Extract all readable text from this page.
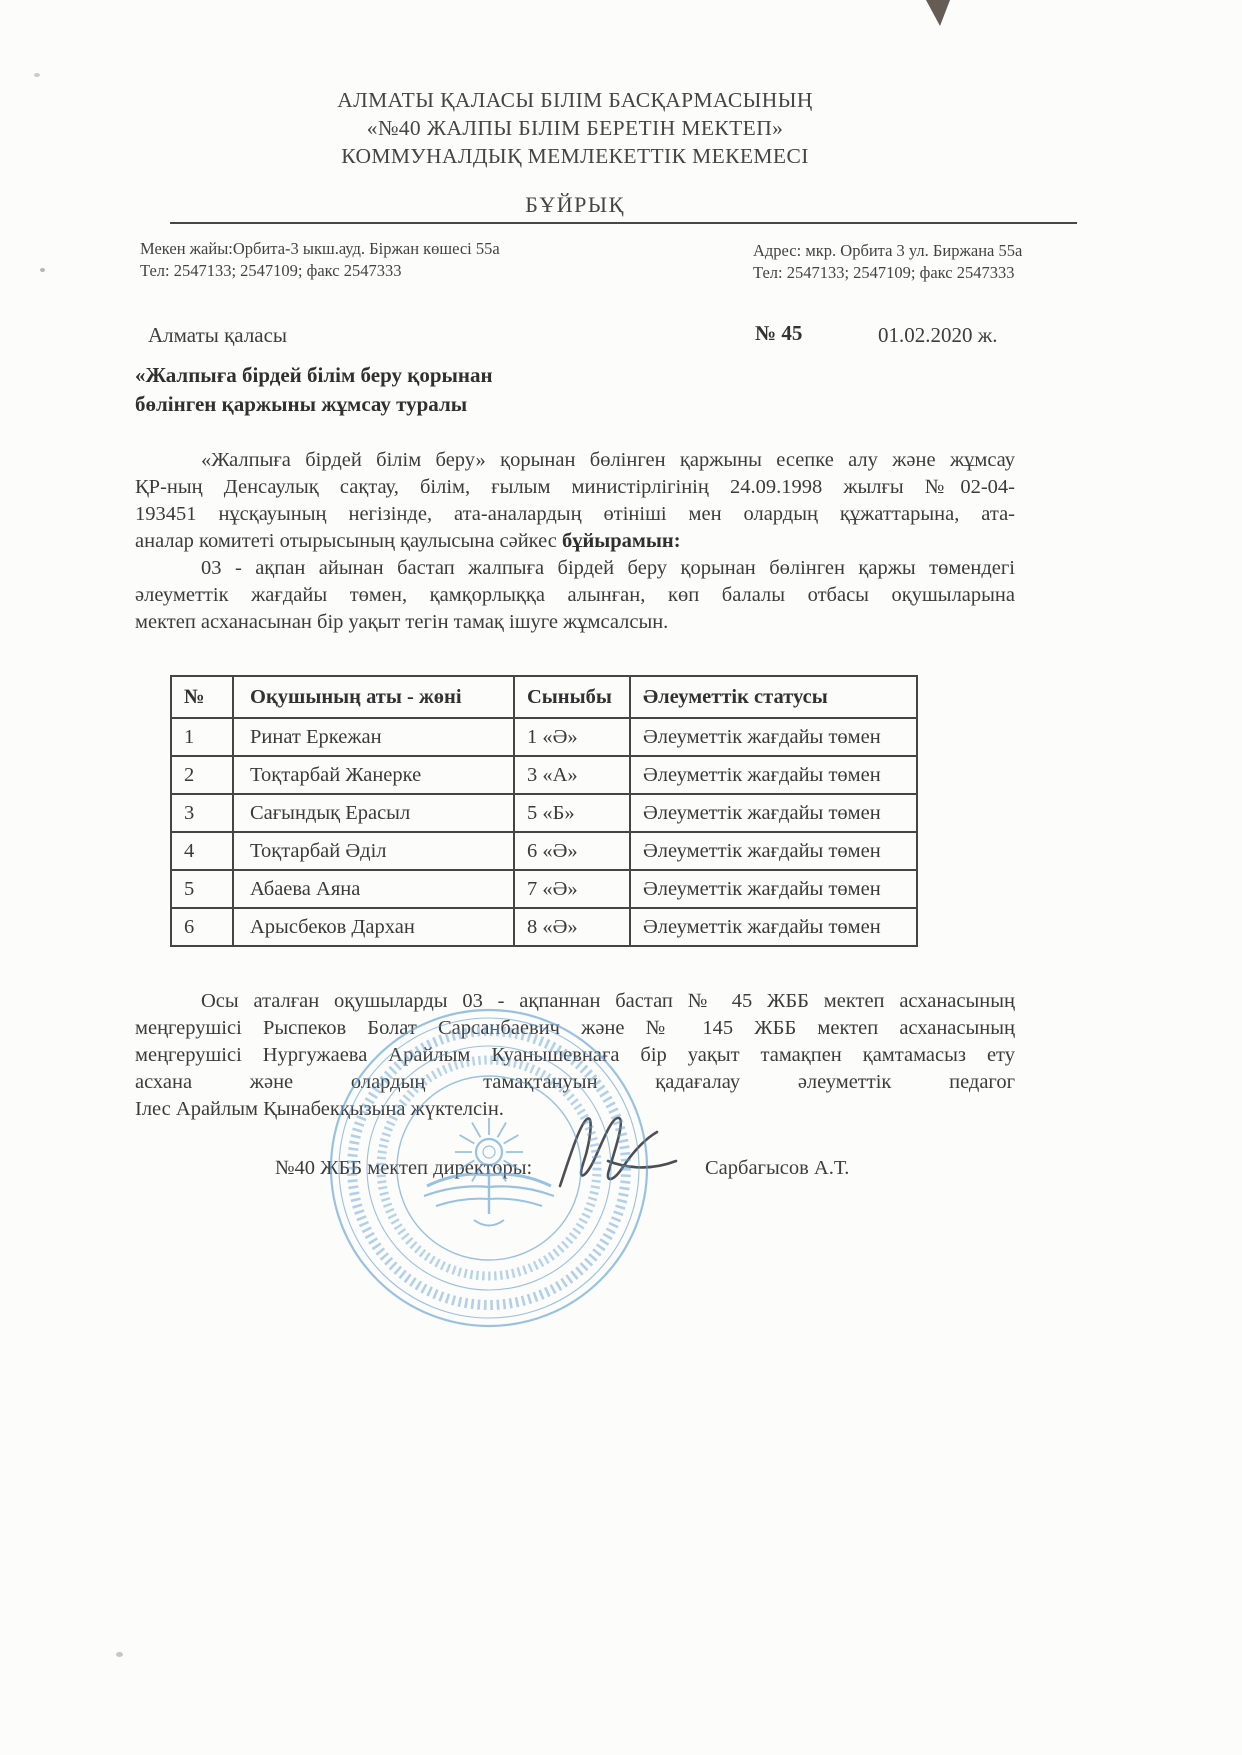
АЛМАТЫ ҚАЛАСЫ БІЛІМ БАСҚАРМАСЫНЫҢ
«№40 ЖАЛПЫ БІЛІМ БЕРЕТІН МЕКТЕП»
КОММУНАЛДЫҚ МЕМЛЕКЕТТІК МЕКЕМЕСІ
БҰЙРЫҚ
Мекен жайы:Орбита-3 ыкш.ауд. Біржан көшесі 55а
Тел: 2547133; 2547109; факс 2547333
Адрес: мкр. Орбита 3 ул. Биржана 55а
Тел: 2547133; 2547109; факс 2547333
Алматы қаласы	№ 45	01.02.2020 ж.
«Жалпыға бірдей білім беру қорынан
бөлінген қаржыны жұмсау туралы
«Жалпыға бірдей білім беру» қорынан бөлінген қаржыны есепке алу және жұмсау
ҚР-ның Денсаулық сақтау, білім, ғылым министірлігінің 24.09.1998 жылғы №02-04-
193451 нұсқауының негізінде, ата-аналардың өтініші мен олардың құжаттарына, ата-
аналар комитеті отырысының қаулысына сәйкес бұйырамын:
03 - ақпан айынан бастап жалпыға бірдей беру қорынан бөлінген қаржы төмендегі
әлеуметтік жағдайы төмен, қамқорлыққа алынған, көп балалы отбасы оқушыларына
мектеп асханасынан бір уақыт тегін тамақ ішуге жұмсалсын.
№	Оқушының аты - жөні	Сыныбы	Әлеуметтік статусы
1	Ринат Еркежан	1 «Ә»	Әлеуметтік жағдайы төмен
2	Тоқтарбай Жанерке	3 «А»	Әлеуметтік жағдайы төмен
3	Сағындық Ерасыл	5 «Б»	Әлеуметтік жағдайы төмен
4	Тоқтарбай Әділ	6 «Ә»	Әлеуметтік жағдайы төмен
5	Абаева Аяна	7 «Ә»	Әлеуметтік жағдайы төмен
6	Арысбеков Дархан	8 «Ә»	Әлеуметтік жағдайы төмен
Осы аталған оқушыларды 03 - ақпаннан бастап № 45 ЖББ мектеп асханасының
меңгерушісі Рыспеков Болат Сарсанбаевич және № 145 ЖББ мектеп асханасының
меңгерушісі Нургужаева Арайлым Куанышевнаға бір уақыт тамақпен қамтамасыз ету
асхана және олардың тамақтануын қадағалау әлеуметтік педагог
Ілес Арайлым Қынабекқызына жүктелсін.
№40 ЖББ мектеп директоры:	Сарбагысов А.Т.
